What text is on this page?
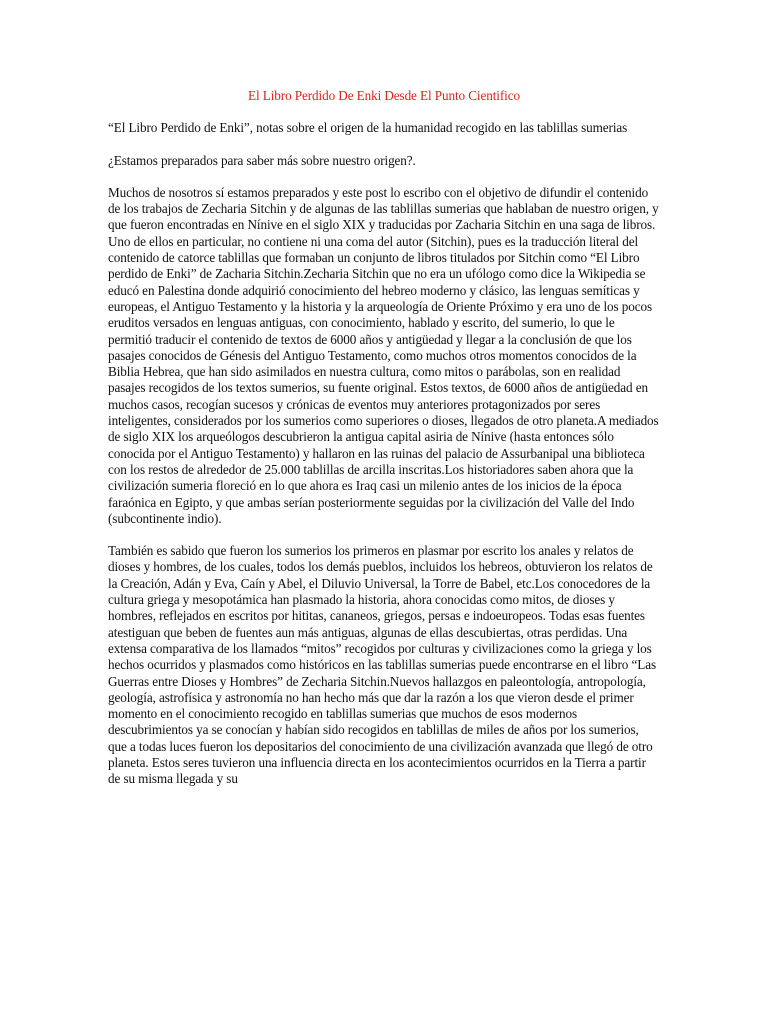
El Libro Perdido De Enki Desde El Punto Cientifico

“El Libro Perdido de Enki”, notas sobre el origen de la humanidad recogido en las tablillas sumerias

¿Estamos preparados para saber más sobre nuestro origen?.

Muchos de nosotros sí estamos preparados y este post lo escribo con el objetivo de difundir el contenido de los trabajos de Zecharia Sitchin y de algunas de las tablillas sumerias que hablaban de nuestro origen, y que fueron encontradas en Nínive en el siglo XIX y traducidas por Zacharia Sitchin en una saga de libros. Uno de ellos en particular, no contiene ni una coma del autor (Sitchin), pues es la traducción literal del contenido de catorce tablillas que formaban un conjunto de libros titulados por Sitchin como “El Libro perdido de Enki” de Zacharia Sitchin.Zecharia Sitchin que no era un ufólogo como dice la Wikipedia se educó en Palestina donde adquirió conocimiento del hebreo moderno y clásico, las lenguas semíticas y europeas, el Antiguo Testamento y la historia y la arqueología de Oriente Próximo y era uno de los pocos eruditos versados en lenguas antiguas, con conocimiento, hablado y escrito, del sumerio, lo que le permitió traducir el contenido de textos de 6000 años y antigüedad y llegar a la conclusión de que los pasajes conocidos de Génesis del Antiguo Testamento, como muchos otros momentos conocidos de la Biblia Hebrea, que han sido asimilados en nuestra cultura, como mitos o parábolas, son en realidad pasajes recogidos de los textos sumerios, su fuente original. Estos textos, de 6000 años de antigüedad en muchos casos, recogían sucesos y crónicas de eventos muy anteriores protagonizados por seres inteligentes, considerados por los sumerios como superiores o dioses, llegados de otro planeta.A mediados de siglo XIX los arqueólogos descubrieron la antigua capital asiria de Nínive (hasta entonces sólo conocida por el Antiguo Testamento) y hallaron en las ruinas del palacio de Assurbanipal una biblioteca con los restos de alrededor de 25.000 tablillas de arcilla inscritas.Los historiadores saben ahora que la civilización sumeria floreció en lo que ahora es Iraq casi un milenio antes de los inicios de la época faraónica en Egipto, y que ambas serían posteriormente seguidas por la civilización del Valle del Indo (subcontinente indio).

También es sabido que fueron los sumerios los primeros en plasmar por escrito los anales y relatos de dioses y hombres, de los cuales, todos los demás pueblos, incluidos los hebreos, obtuvieron los relatos de la Creación, Adán y Eva, Caín y Abel, el Diluvio Universal, la Torre de Babel, etc.Los conocedores de la cultura griega y mesopotámica han plasmado la historia, ahora conocidas como mitos, de dioses y hombres, reflejados en escritos por hititas, cananeos, griegos, persas e indoeuropeos. Todas esas fuentes atestiguan que beben de fuentes aun más antiguas, algunas de ellas descubiertas, otras perdidas. Una extensa comparativa de los llamados “mitos” recogidos por culturas y civilizaciones como la griega y los hechos ocurridos y plasmados como históricos en las tablillas sumerias puede encontrarse en el libro “Las Guerras entre Dioses y Hombres” de Zecharia Sitchin.Nuevos hallazgos en paleontología, antropología, geología, astrofísica y astronomía no han hecho más que dar la razón a los que vieron desde el primer momento en el conocimiento recogido en tablillas sumerias que muchos de esos modernos descubrimientos ya se conocían y habían sido recogidos en tablillas de miles de años por los sumerios, que a todas luces fueron los depositarios del conocimiento de una civilización avanzada que llegó de otro planeta. Estos seres tuvieron una influencia directa en los acontecimientos ocurridos en la Tierra a partir de su misma llegada y su
